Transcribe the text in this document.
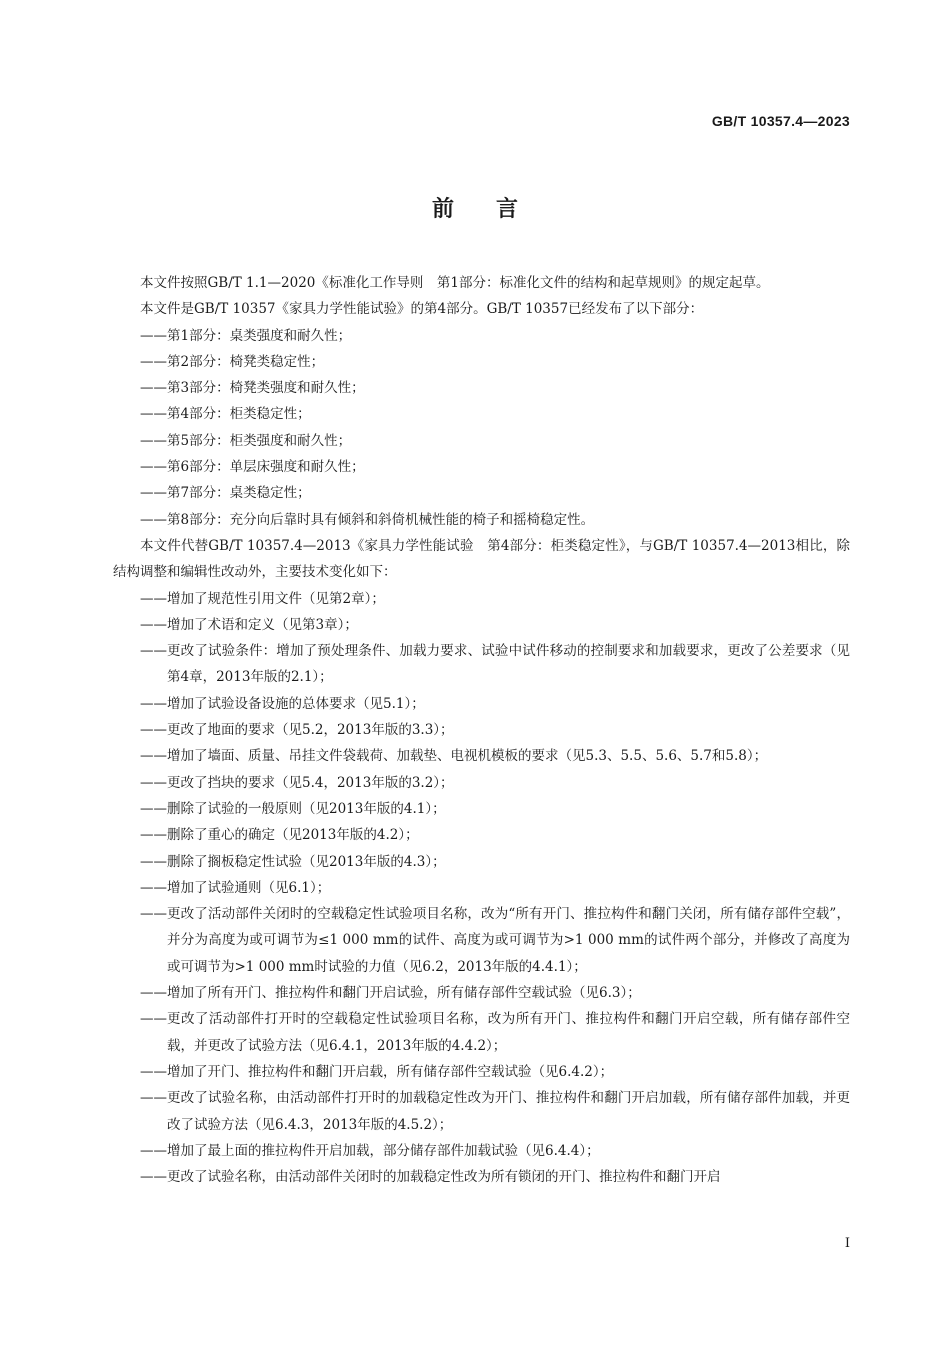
GB/T 10357.4—2023
前言

本文件按照GB/T 1.1—2020《标准化工作导则　第1部分：标准化文件的结构和起草规则》的规定起草。

本文件是GB/T 10357《家具力学性能试验》的第4部分。GB/T 10357已经发布了以下部分：

—— 第1部分：桌类强度和耐久性；
—— 第2部分：椅凳类稳定性；
—— 第3部分：椅凳类强度和耐久性；
—— 第4部分：柜类稳定性；
—— 第5部分：柜类强度和耐久性；
—— 第6部分：单层床强度和耐久性；
—— 第7部分：桌类稳定性；
—— 第8部分：充分向后靠时具有倾斜和斜倚机械性能的椅子和摇椅稳定性。

本文件代替GB/T 10357.4—2013《家具力学性能试验　第4部分：柜类稳定性》，与GB/T 10357.4—2013相比，除结构调整和编辑性改动外，主要技术变化如下：

—— 增加了规范性引用文件（见第2章）；
—— 增加了术语和定义（见第3章）；
—— 更改了试验条件：增加了预处理条件、加载力要求、试验中试件移动的控制要求和加载要求，更改了公差要求（见第4章，2013年版的2.1）；
—— 增加了试验设备设施的总体要求（见5.1）；
—— 更改了地面的要求（见5.2，2013年版的3.3）；
—— 增加了墙面、质量、吊挂文件袋载荷、加载垫、电视机模板的要求（见5.3、5.5、5.6、5.7和5.8）；
—— 更改了挡块的要求（见5.4，2013年版的3.2）；
—— 删除了试验的一般原则（见2013年版的4.1）；
—— 删除了重心的确定（见2013年版的4.2）；
—— 删除了搁板稳定性试验（见2013年版的4.3）；
—— 增加了试验通则（见6.1）；
—— 更改了活动部件关闭时的空载稳定性试验项目名称，改为“所有开门、推拉构件和翻门关闭，所有储存部件空载”，并分为高度为或可调节为≤1 000 mm的试件、高度为或可调节为>1 000 mm的试件两个部分，并修改了高度为或可调节为>1 000 mm时试验的力值（见6.2，2013年版的4.4.1）；
—— 增加了所有开门、推拉构件和翻门开启试验，所有储存部件空载试验（见6.3）；
—— 更改了活动部件打开时的空载稳定性试验项目名称，改为所有开门、推拉构件和翻门开启空载，所有储存部件空载，并更改了试验方法（见6.4.1，2013年版的4.4.2）；
—— 增加了开门、推拉构件和翻门开启载，所有储存部件空载试验（见6.4.2）；
—— 更改了试验名称，由活动部件打开时的加载稳定性改为开门、推拉构件和翻门开启加载，所有储存部件加载，并更改了试验方法（见6.4.3，2013年版的4.5.2）；
—— 增加了最上面的推拉构件开启加载，部分储存部件加载试验（见6.4.4）；
—— 更改了试验名称，由活动部件关闭时的加载稳定性改为所有锁闭的开门、推拉构件和翻门开启
I
